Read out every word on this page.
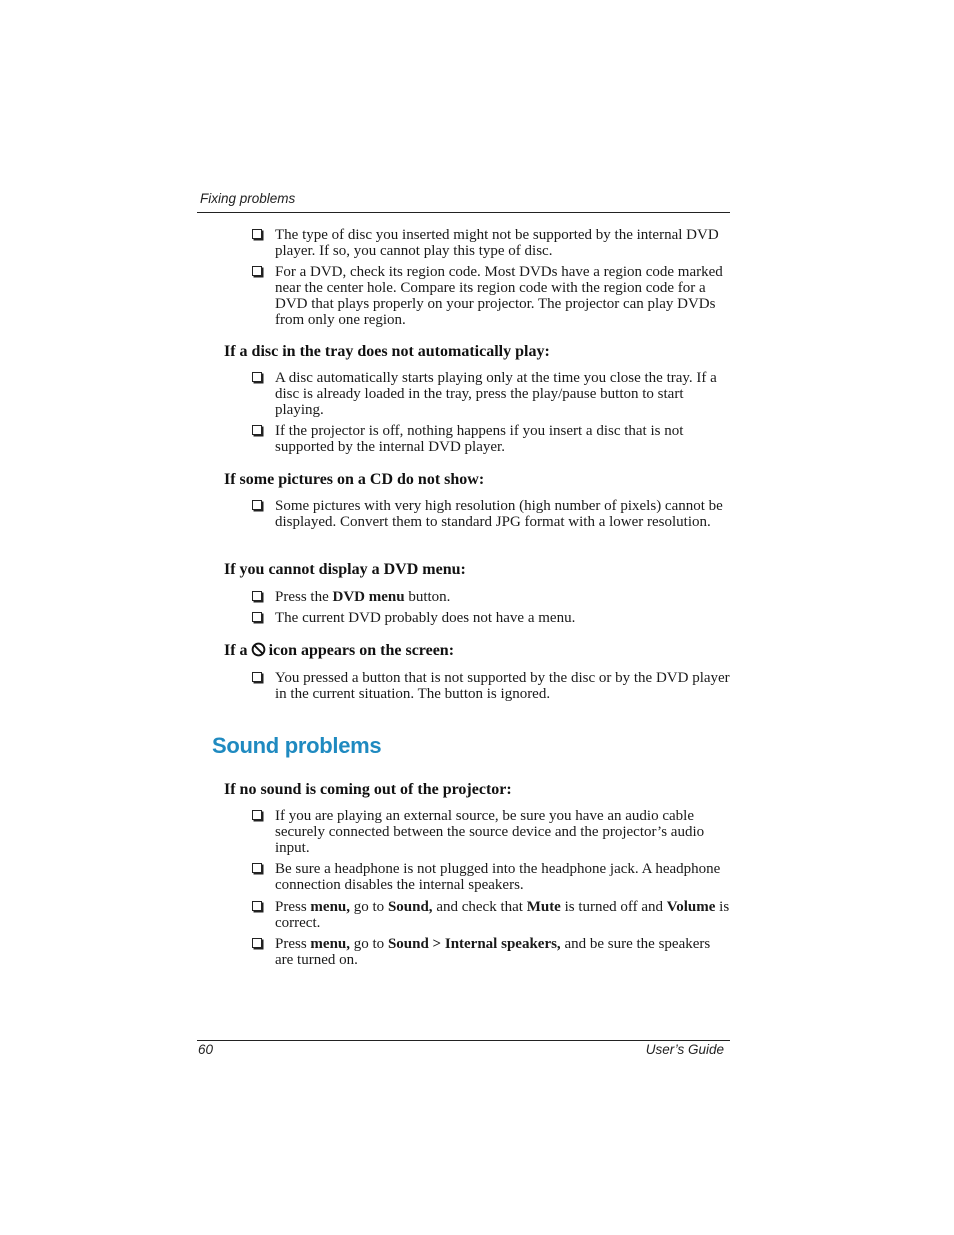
Fixing problems
The type of disc you inserted might not be supported by the internal DVD player. If so, you cannot play this type of disc.
For a DVD, check its region code. Most DVDs have a region code marked near the center hole. Compare its region code with the region code for a DVD that plays properly on your projector. The projector can play DVDs from only one region.
If a disc in the tray does not automatically play:
A disc automatically starts playing only at the time you close the tray. If a disc is already loaded in the tray, press the play/pause button to start playing.
If the projector is off, nothing happens if you insert a disc that is not supported by the internal DVD player.
If some pictures on a CD do not show:
Some pictures with very high resolution (high number of pixels) cannot be displayed. Convert them to standard JPG format with a lower resolution.
If you cannot display a DVD menu:
Press the DVD menu button.
The current DVD probably does not have a menu.
If a icon appears on the screen:
You pressed a button that is not supported by the disc or by the DVD player in the current situation. The button is ignored.
Sound problems
If no sound is coming out of the projector:
If you are playing an external source, be sure you have an audio cable securely connected between the source device and the projector’s audio input.
Be sure a headphone is not plugged into the headphone jack. A headphone connection disables the internal speakers.
Press menu, go to Sound, and check that Mute is turned off and Volume is correct.
Press menu, go to Sound > Internal speakers, and be sure the speakers are turned on.
60	User’s Guide
